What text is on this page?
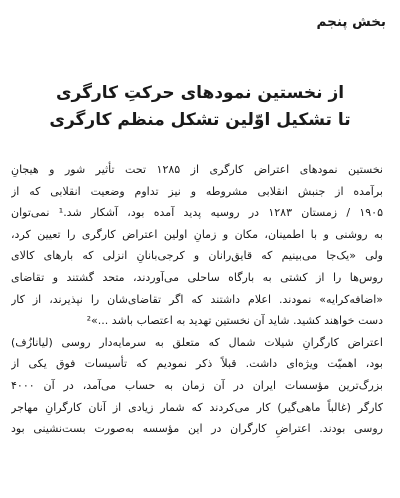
بخش پنجم
از نخستین نمودهای حرکتِ کارگری
تا تشکیل اوّلین تشکل منظم کارگری
نخستین نمودهای اعتراض کارگری از ۱۲۸۵ تحت تأثیر شور و هیجانِ
برآمده از جنبش انقلابی مشروطه و نیز تداوم وضعیت انقلابی که از
۱۹۰۵ / زمستان ۱۲۸۳ در روسیه پدید آمده بود، آشکار شد.¹ نمی‌توان
به روشنی و با اطمینان، مکان و زمانِ اولین اعتراض کارگری را تعیین کرد،
ولی «یک‌جا می‌بینیم که قایق‌رانان و کرجی‌بانانِ انزلی که بارهای کالای
روس‌ها را از کشتی به بارگاه ساحلی می‌آوردند، متحد گشتند و تقاضای
«اضافه‌کرایه» نمودند. اعلام داشتند که اگر تقاضای‌شان را نپذیرند، از کار
دست خواهند کشید. شاید آن نخستین تهدید به اعتصاب باشد ...»²
اعتراض کارگرانِ شیلات شمال که متعلق به سرمایه‌دار روسی (لیانازُف)
بود، اهمیّت ویژه‌ای داشت. قبلاً ذکر نمودیم که تأسیسات فوق یکی از
بزرگ‌ترین مؤسسات ایران در آن زمان به حساب می‌آمد، در آن ۴۰۰۰
کارگر (غالباً ماهی‌گیر) کار می‌کردند که شمار زیادی از آنان کارگرانِ مهاجر
روسی بودند. اعتراضِ کارگران در این مؤسسه به‌صورت بست‌نشینی بود
